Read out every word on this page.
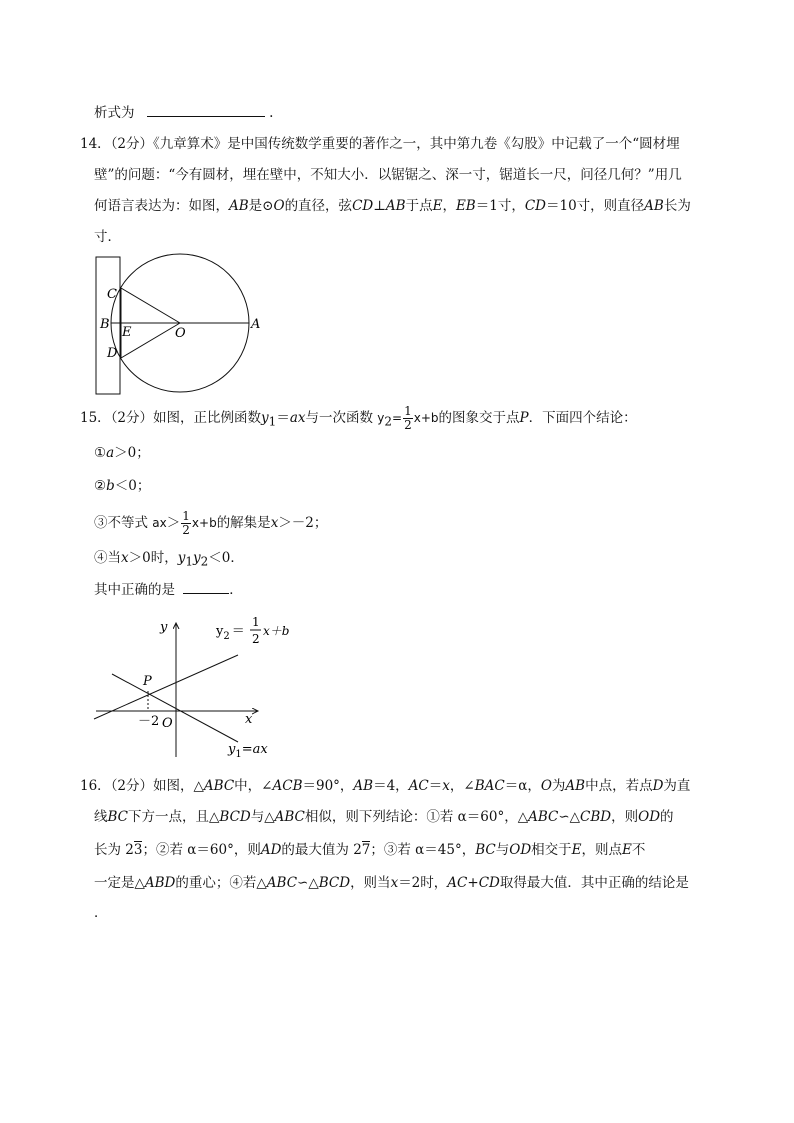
析式为	.
14．（2分）《九章算术》是中国传统数学重要的著作之一，其中第九卷《勾股》中记载了一个“圆材埋
壁”的问题：“今有圆材，埋在壁中，不知大小．以锯锯之、深一寸，锯道长一尺，问径几何？”用几
何语言表达为：如图，AB是⊙O的直径，弦CD⊥AB于点E，EB＝1寸，CD＝10寸，则直径AB长为
寸．
C
B
E
D
O
A
15．（2分）如图，正比例函数$y_1=ax$与一次函数 $y_2= \frac{1}{2} x+b$的图象交于点P．下面四个结论：
①a＞0；
②b＜0；
③不等式 $ax> \frac{1}{2} x+b$的解集是x＞－2；
④当x＞0时，$y_1y_2<0$．
其中正确的是	．
y
x
P
－2 O
$y_2$ ＝
1
2
x＋b
$y_1=ax$
16．（2分）如图，△ABC中，∠ACB＝90°，AB＝4，AC＝x，∠BAC＝α，O为AB中点，若点D为直
线BC下方一点，且△BCD与△ABC相似，则下列结论：①若 α＝60°，△ABC∽△CBD，则OD的
长为 23；②若 α＝60°，则AD的最大值为 27；③若 α＝45°，BC与OD相交于E，则点E不
一定是△ABD的重心；④若△ABC∽△BCD，则当x＝2时，AC+CD取得最大值．其中正确的结论是
．
